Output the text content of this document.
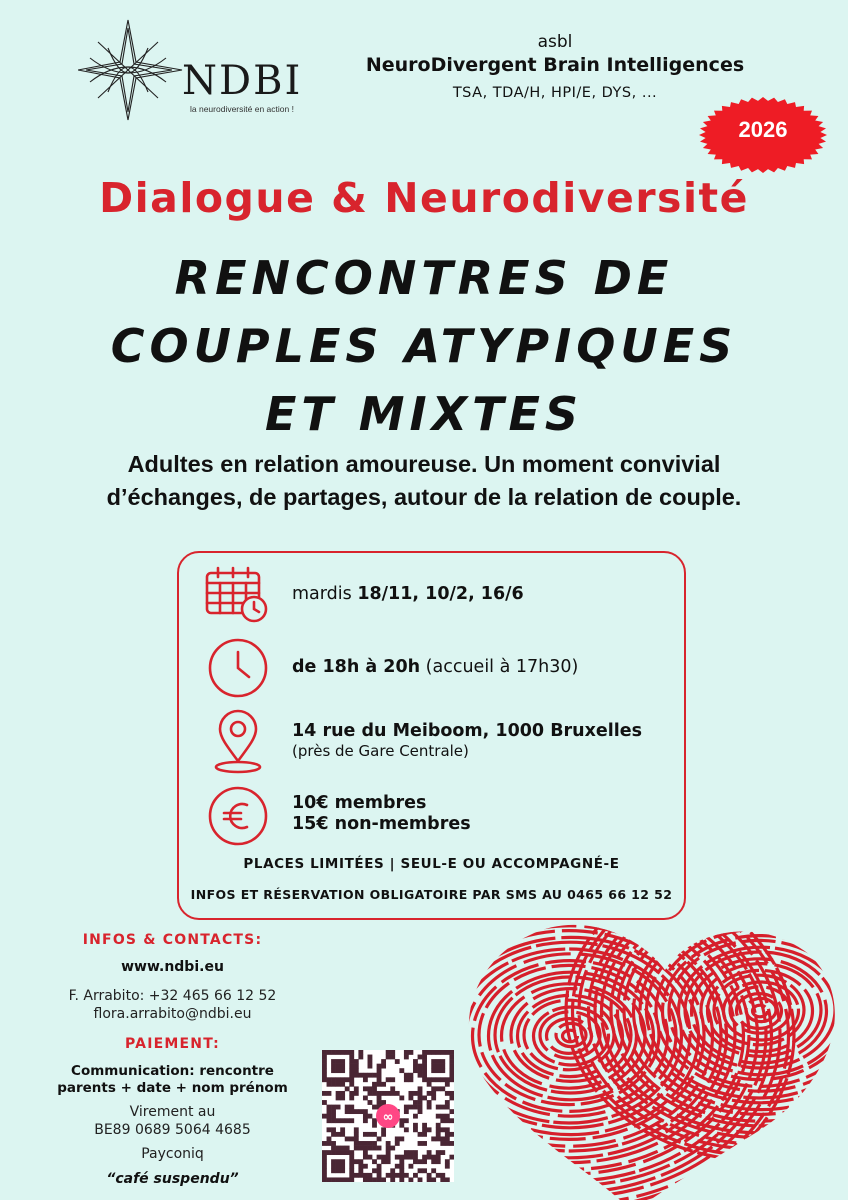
NDBI
la neurodiversité en action !
asbl
NeuroDivergent Brain Intelligences
TSA, TDA/H, HPI/E, DYS, ...
2026
Dialogue & Neurodiversité
RENCONTRES DE
COUPLES ATYPIQUES
ET MIXTES
Adultes en relation amoureuse. Un moment convivial
d’échanges, de partages, autour de la relation de couple.
mardis 18/11, 10/2, 16/6
de 18h à 20h (accueil à 17h30)
14 rue du Meiboom, 1000 Bruxelles
(près de Gare Centrale)
10€ membres
15€ non-membres
PLACES LIMITÉES | SEUL-E OU ACCOMPAGNÉ-E
INFOS ET RÉSERVATION OBLIGATOIRE PAR SMS AU 0465 66 12 52
INFOS & CONTACTS:
www.ndbi.eu
F. Arrabito: +32 465 66 12 52
flora.arrabito@ndbi.eu
PAIEMENT:
Communication: rencontre
parents + date + nom prénom
Virement au
BE89 0689 5064 4685
Payconiq
“café suspendu”
∞
